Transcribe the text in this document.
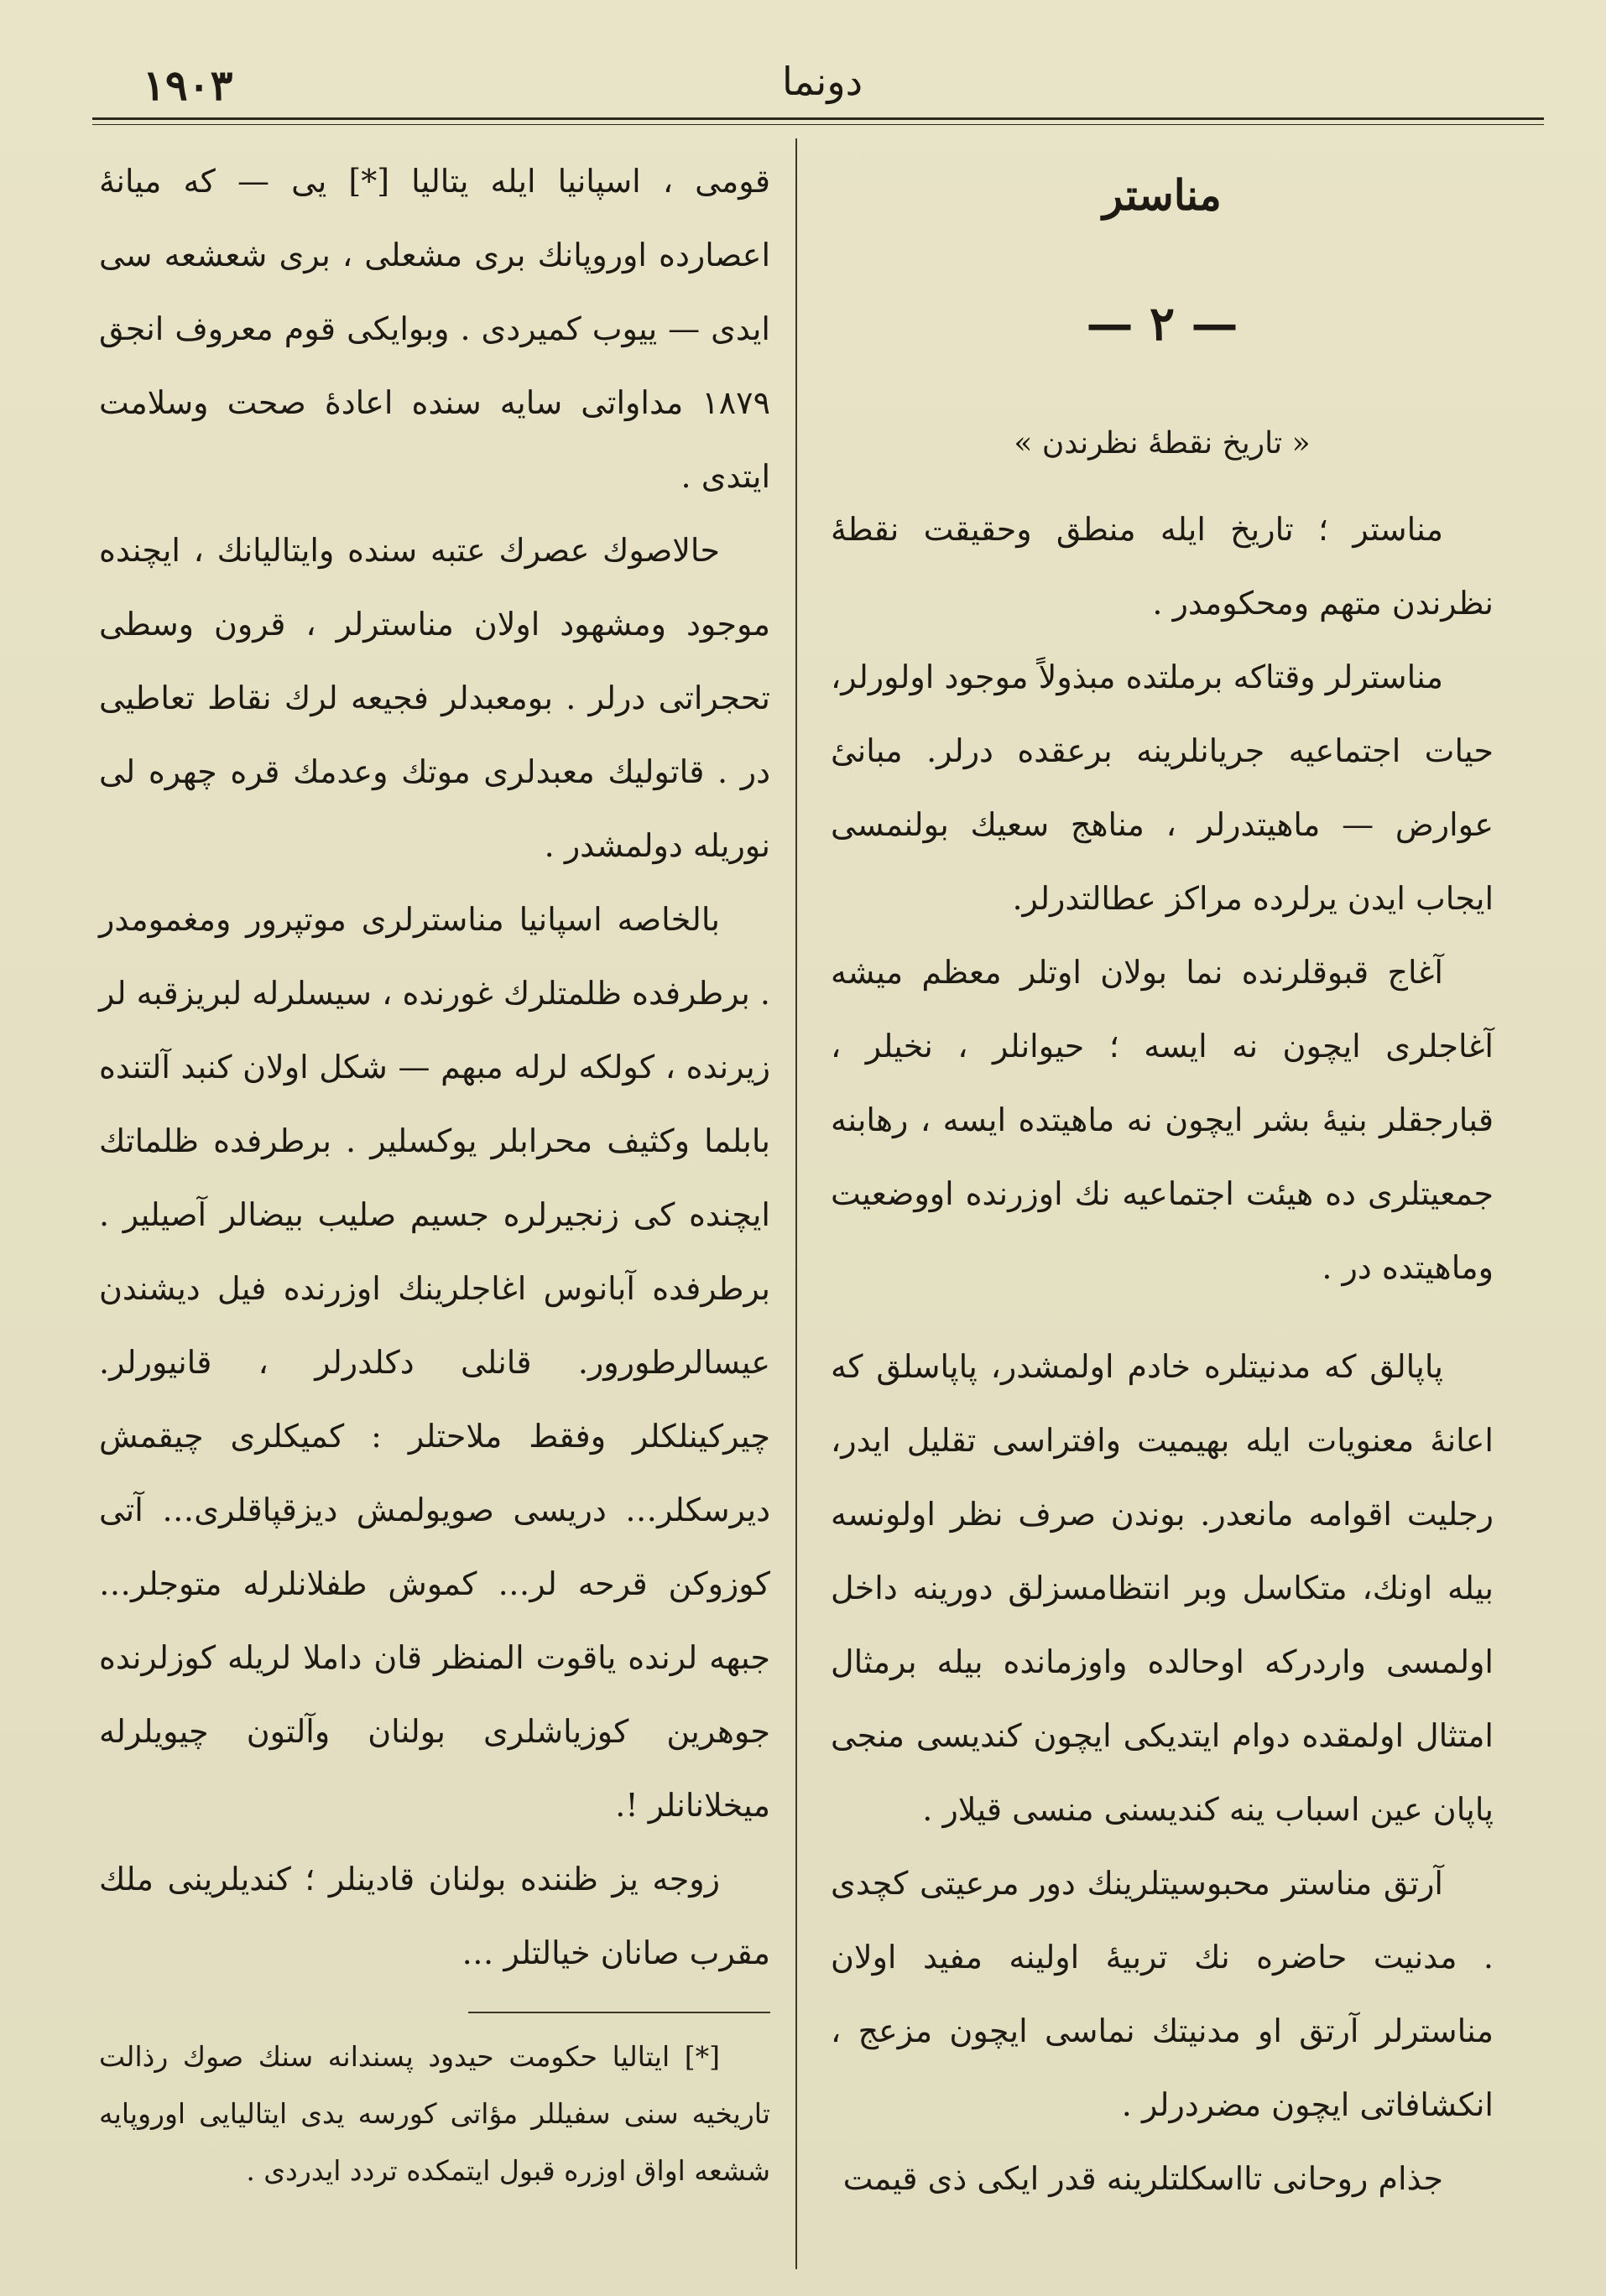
١٩٠٣	دونما
مناستر
— ٢ —
« تاريخ نقطهٔ نظرندن »

مناستر ؛ تاريخ ايله منطق وحقيقت نقطهٔ نظرندن متهم ومحكومدر .

مناسترلر وقتاكه برملتده مبذولاً موجود اولورلر، حيات اجتماعيه جريانلرينه برعقده درلر. مبانیٔ عوارض — ماهيتدرلر ، مناهج سعيك بولنمسی ايجاب ايدن يرلرده مراكز عطالتدرلر.

آغاج قبوقلرنده نما بولان اوتلر معظم ميشه آغاجلری ايچون نه ايسه ؛ حيوانلر ، نخيلر ، قبارجقلر بنيهٔ بشر ايچون نه ماهيتده ايسه ، رهابنه جمعيتلری ده هيئت اجتماعيه نك اوزرنده اووضعيت وماهيتده در .

پاپالق كه مدنيتلره خادم اولمشدر، پاپاسلق كه اعانهٔ معنويات ايله بهيميت وافتراسی تقليل ايدر، رجليت اقوامه مانعدر. بوندن صرف نظر اولونسه بيله اونك، متكاسل وبر انتظامسزلق دورينه داخل اولمسی واردركه اوحالده واوزمانده بيله برمثال امتثال اولمقده دوام ايتديكی ايچون كنديسی منجی پاپان عين اسباب ينه كنديسنی منسی قيلار .

آرتق مناستر محبوسيتلرينك دور مرعيتی كچدی . مدنيت حاضره نك تربيهٔ اولينه مفيد اولان مناسترلر آرتق او مدنيتك نماسی ايچون مزعج ، انكشافاتی ايچون مضردرلر .

جذام روحانی تااسكلتلرينه قدر ايكی ذی قيمت

قومی ، اسپانيا ايله يتاليا [*] يی — كه ميانهٔ اعصارده اوروپانك بری مشعلی ، بری شعشعه سی ايدی — ييوب كميردی . وبوايكی قوم معروف انجق ١٨٧٩ مداواتی سايه سنده اعادهٔ صحت وسلامت ايتدی .

حالاصوك عصرك عتبه سنده وايتاليانك ، ايچنده موجود ومشهود اولان مناسترلر ، قرون وسطی تحجراتی درلر . بومعبدلر فجيعه لرك نقاط تعاطيی در . قاتوليك معبدلری موتك وعدمك قره چهره لی نوريله دولمشدر .

بالخاصه اسپانيا مناسترلری موتپرور ومغمومدر . برطرفده ظلمتلرك غورنده ، سيسلرله لبريزقبه لر زيرنده ، كولكه لرله مبهم — شكل اولان كنبد آلتنده بابلما وكثيف محرابلر يوكسلير . برطرفده ظلماتك ايچنده كی زنجيرلره جسيم صليب بيضالر آصيلير . برطرفده آبانوس اغاجلرينك اوزرنده فيل ديشندن عيسالرطورور. قانلی دكلدرلر ، قانيورلر. چيركينلكلر وفقط ملاحتلر : كميكلری چيقمش ديرسكلر… دريسی صويولمش ديزقپاقلری… آتی كوزوكن قرحه لر… كموش طفلانلرله متوجلر… جبهه لرنده ياقوت المنظر قان داملا لريله كوزلرنده جوهرين كوزياشلری بولنان وآلتون چيويلرله ميخلانانلر !.

زوجه يز ظننده بولنان قادينلر ؛ كنديلرينی ملك مقرب صانان خيالتلر …

[*] ايتاليا حكومت حيدود پسندانه سنك صوك رذالت تاريخيه سنی سفيللر مؤاتی كورسه يدی ايتاليايی اوروپايه ششعه اواق اوزره قبول ايتمكده تردد ايدردی .
